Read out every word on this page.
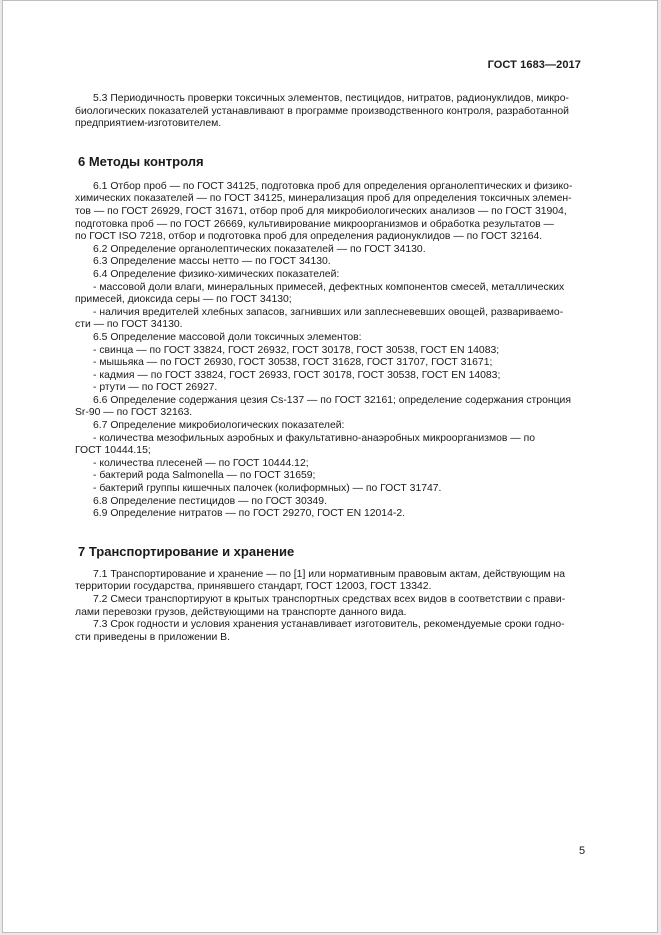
ГОСТ 1683—2017

5.3 Периодичность проверки токсичных элементов, пестицидов, нитратов, радионуклидов, микро-
биологических показателей устанавливают в программе производственного контроля, разработанной
предприятием-изготовителем.

6 Методы контроля

6.1 Отбор проб — по ГОСТ 34125, подготовка проб для определения органолептических и физико-
химических показателей — по ГОСТ 34125, минерализация проб для определения токсичных элемен-
тов — по ГОСТ 26929, ГОСТ 31671, отбор проб для микробиологических анализов — по ГОСТ 31904,
подготовка проб — по ГОСТ 26669, культивирование микроорганизмов и обработка результатов —
по ГОСТ ISO 7218, отбор и подготовка проб для определения радионуклидов — по ГОСТ 32164.

6.2 Определение органолептических показателей — по ГОСТ 34130.

6.3 Определение массы нетто — по ГОСТ 34130.

6.4 Определение физико-химических показателей:

- массовой доли влаги, минеральных примесей, дефектных компонентов смесей, металлических
примесей, диоксида серы — по ГОСТ 34130;

- наличия вредителей хлебных запасов, загнивших или заплесневевших овощей, развариваемо-
сти — по ГОСТ 34130.

6.5 Определение массовой доли токсичных элементов:

- свинца — по ГОСТ 33824, ГОСТ 26932, ГОСТ 30178, ГОСТ 30538, ГОСТ EN 14083;

- мышьяка — по ГОСТ 26930, ГОСТ 30538, ГОСТ 31628, ГОСТ 31707, ГОСТ 31671;

- кадмия — по ГОСТ 33824, ГОСТ 26933, ГОСТ 30178, ГОСТ 30538, ГОСТ EN 14083;

- ртути — по ГОСТ 26927.

6.6 Определение содержания цезия Cs-137 — по ГОСТ 32161; определение содержания стронция
Sr-90 — по ГОСТ 32163.

6.7 Определение микробиологических показателей:

- количества мезофильных аэробных и факультативно-анаэробных микроорганизмов — по
ГОСТ 10444.15;

- количества плесеней — по ГОСТ 10444.12;

- бактерий рода Salmonella — по ГОСТ 31659;

- бактерий группы кишечных палочек (колиформных) — по ГОСТ 31747.

6.8 Определение пестицидов — по ГОСТ 30349.

6.9 Определение нитратов — по ГОСТ 29270, ГОСТ EN 12014-2.

7 Транспортирование и хранение

7.1 Транспортирование и хранение — по [1] или нормативным правовым актам, действующим на
территории государства, принявшего стандарт, ГОСТ 12003, ГОСТ 13342.

7.2 Смеси транспортируют в крытых транспортных средствах всех видов в соответствии с прави-
лами перевозки грузов, действующими на транспорте данного вида.

7.3 Срок годности и условия хранения устанавливает изготовитель, рекомендуемые сроки годно-
сти приведены в приложении В.

5
